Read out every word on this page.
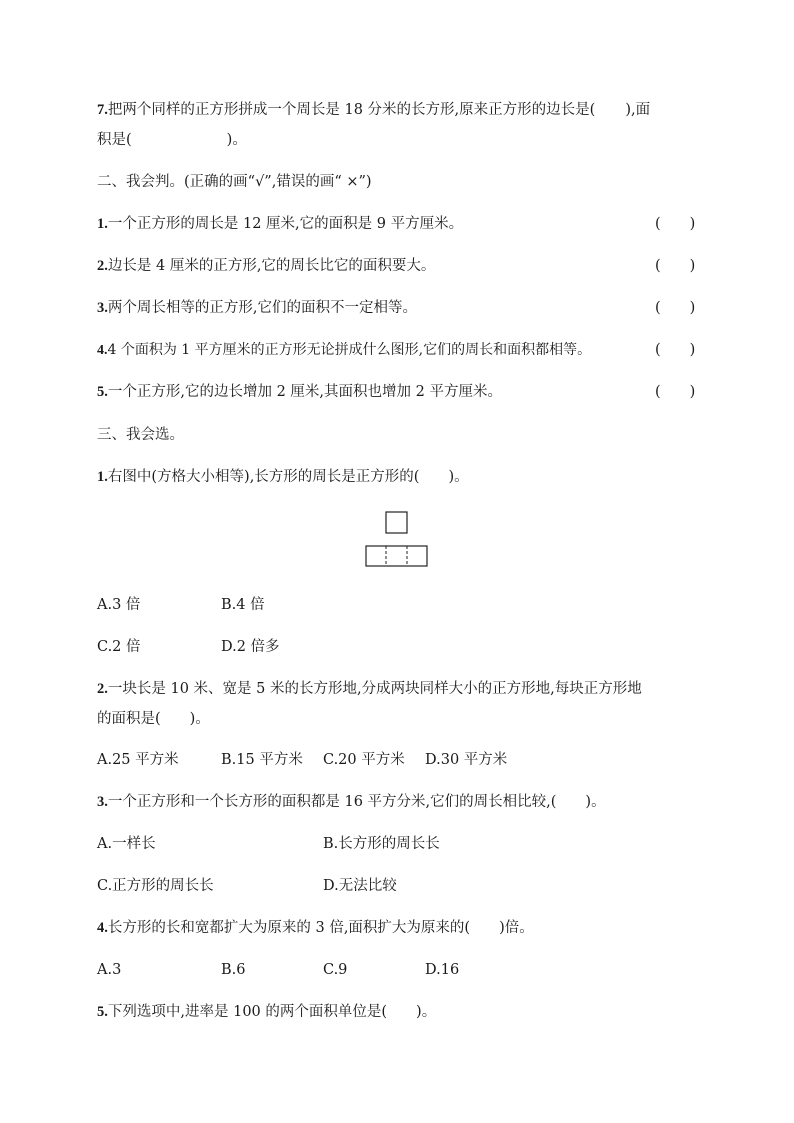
7.把两个同样的正方形拼成一个周长是 18 分米的长方形,原来正方形的边长是( ),面
积是(	)。
二、我会判。(正确的画“√”,错误的画“ ×”)
1.一个正方形的周长是 12 厘米,它的面积是 9 平方厘米。	(　　)
2.边长是 4 厘米的正方形,它的周长比它的面积要大。	(　　)
3.两个周长相等的正方形,它们的面积不一定相等。	(　　)
4.4 个面积为 1 平方厘米的正方形无论拼成什么图形,它们的周长和面积都相等。	(　　)
5.一个正方形,它的边长增加 2 厘米,其面积也增加 2 平方厘米。	(　　)
三、我会选。
1.右图中(方格大小相等),长方形的周长是正方形的(　　)。
A.3 倍	B.4 倍
C.2 倍	D.2 倍多
2.一块长是 10 米、宽是 5 米的长方形地,分成两块同样大小的正方形地,每块正方形地
的面积是(　　)。
A.25 平方米	B.15 平方米 C.20 平方米 D.30 平方米
3.一个正方形和一个长方形的面积都是 16 平方分米,它们的周长相比较,(　　)。
A.一样长	B.长方形的周长长
C.正方形的周长长	D.无法比较
4.长方形的长和宽都扩大为原来的 3 倍,面积扩大为原来的(　　)倍。
A.3	B.6	C.9	D.16
5.下列选项中,进率是 100 的两个面积单位是(　　)。
